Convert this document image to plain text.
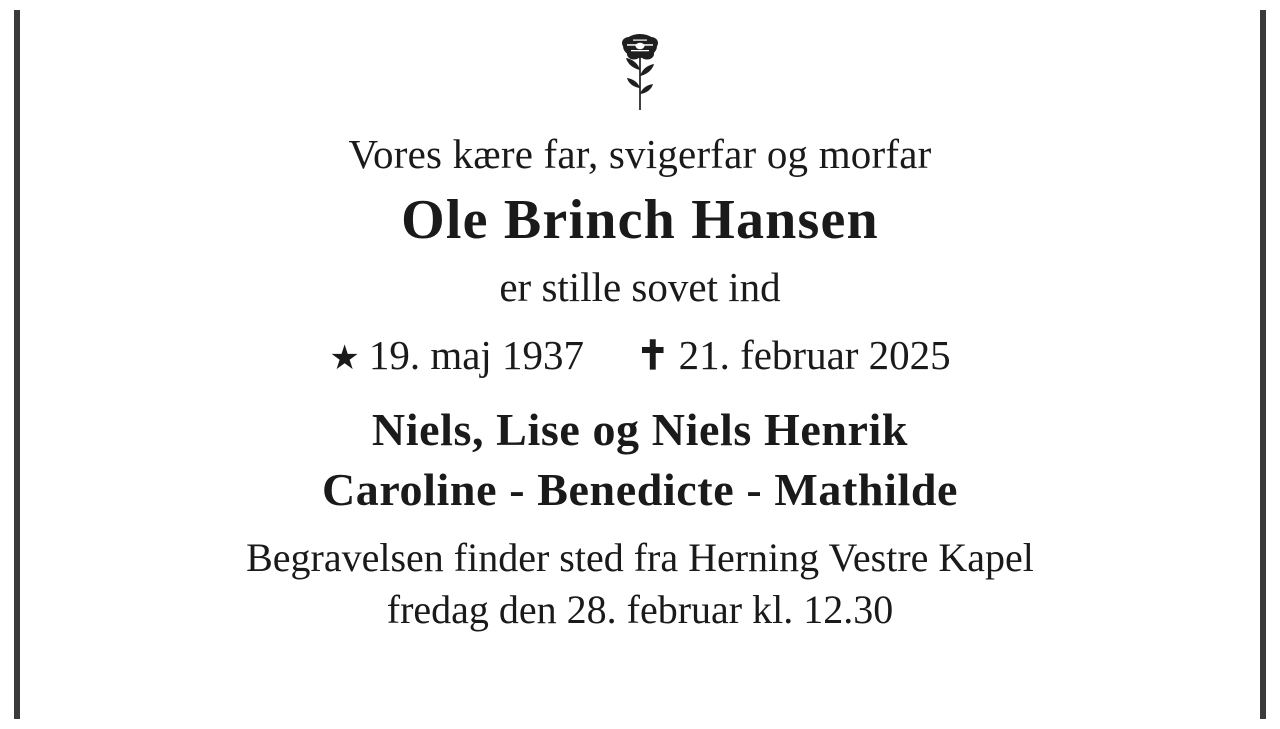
Vores kære far, svigerfar og morfar
Ole Brinch Hansen
er stille sovet ind
★ 19. maj 1937 ✝ 21. februar 2025
Niels, Lise og Niels Henrik
Caroline - Benedicte - Mathilde
Begravelsen finder sted fra Herning Vestre Kapel
fredag den 28. februar kl. 12.30
